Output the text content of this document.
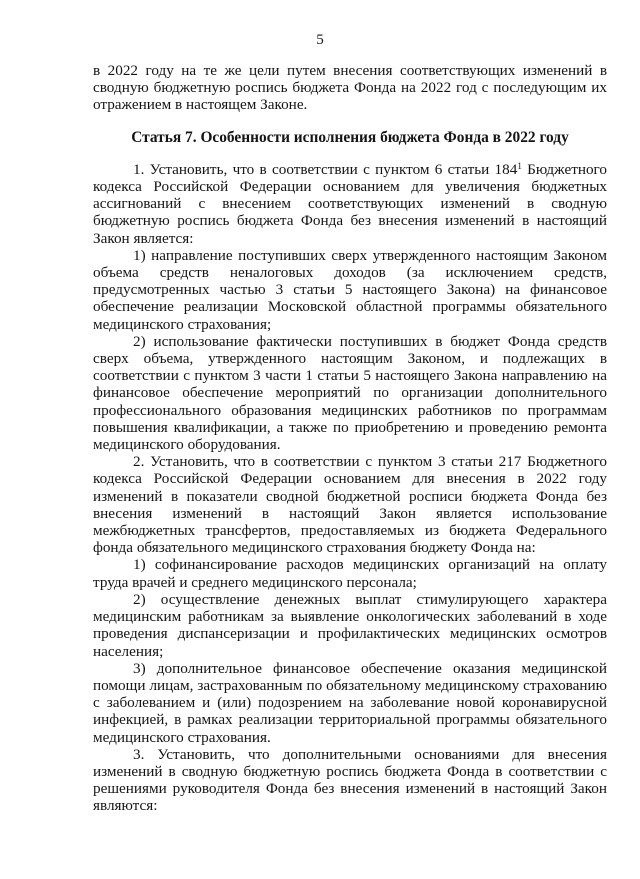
5

в 2022 году на те же цели путем внесения соответствующих изменений в сводную бюджетную роспись бюджета Фонда на 2022 год с последующим их отражением в настоящем Законе.

Статья 7. Особенности исполнения бюджета Фонда в 2022 году

1. Установить, что в соответствии с пунктом 6 статьи $184^1$ Бюджетного кодекса Российской Федерации основанием для увеличения бюджетных ассигнований с внесением соответствующих изменений в сводную бюджетную роспись бюджета Фонда без внесения изменений в настоящий Закон является:

1) направление поступивших сверх утвержденного настоящим Законом объема средств неналоговых доходов (за исключением средств, предусмотренных частью 3 статьи 5 настоящего Закона) на финансовое обеспечение реализации Московской областной программы обязательного медицинского страхования;

2) использование фактически поступивших в бюджет Фонда средств сверх объема, утвержденного настоящим Законом, и подлежащих в соответствии с пунктом 3 части 1 статьи 5 настоящего Закона направлению на финансовое обеспечение мероприятий по организации дополнительного профессионального образования медицинских работников по программам повышения квалификации, а также по приобретению и проведению ремонта медицинского оборудования.

2. Установить, что в соответствии с пунктом 3 статьи 217 Бюджетного кодекса Российской Федерации основанием для внесения в 2022 году изменений в показатели сводной бюджетной росписи бюджета Фонда без внесения изменений в настоящий Закон является использование межбюджетных трансфертов, предоставляемых из бюджета Федерального фонда обязательного медицинского страхования бюджету Фонда на:

1) софинансирование расходов медицинских организаций на оплату труда врачей и среднего медицинского персонала;

2) осуществление денежных выплат стимулирующего характера медицинским работникам за выявление онкологических заболеваний в ходе проведения диспансеризации и профилактических медицинских осмотров населения;

3) дополнительное финансовое обеспечение оказания медицинской помощи лицам, застрахованным по обязательному медицинскому страхованию с заболеванием и (или) подозрением на заболевание новой коронавирусной инфекцией, в рамках реализации территориальной программы обязательного медицинского страхования.

3. Установить, что дополнительными основаниями для внесения изменений в сводную бюджетную роспись бюджета Фонда в соответствии с решениями руководителя Фонда без внесения изменений в настоящий Закон являются:
